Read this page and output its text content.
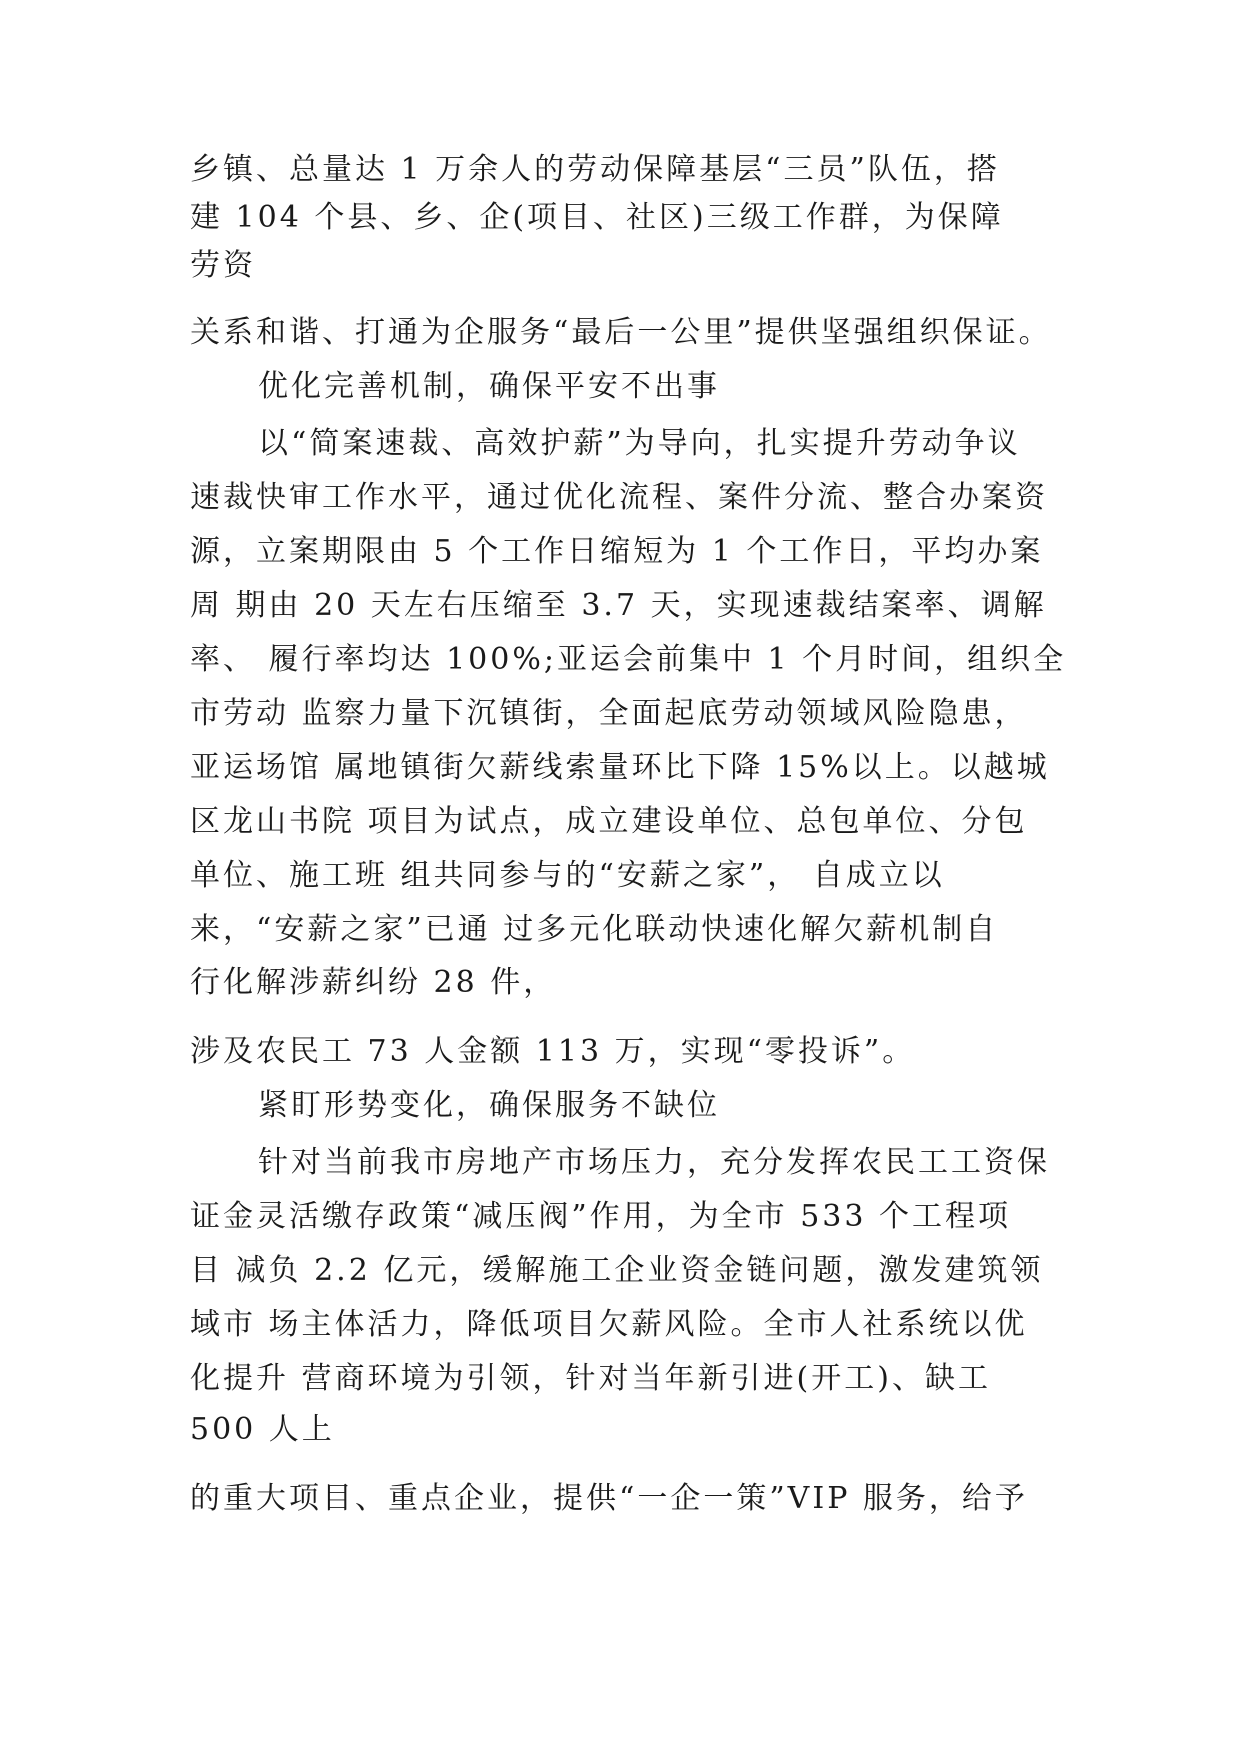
乡镇、总量达 1 万余人的劳动保障基层“三员”队伍，搭
建 104 个县、乡、企(项目、社区)三级工作群，为保障
劳资
关系和谐、打通为企服务“最后一公里”提供坚强组织保证。
优化完善机制，确保平安不出事
以“简案速裁、高效护薪”为导向，扎实提升劳动争议
速裁快审工作水平，通过优化流程、案件分流、整合办案资
源，立案期限由 5 个工作日缩短为 1 个工作日，平均办案
周 期由 20 天左右压缩至 3.7 天，实现速裁结案率、调解
率、 履行率均达 100%;亚运会前集中 1 个月时间，组织全
市劳动 监察力量下沉镇街，全面起底劳动领域风险隐患，
亚运场馆 属地镇街欠薪线索量环比下降 15%以上。以越城
区龙山书院 项目为试点，成立建设单位、总包单位、分包
单位、施工班 组共同参与的“安薪之家”， 自成立以
来，“安薪之家”已通 过多元化联动快速化解欠薪机制自
行化解涉薪纠纷 28 件，
涉及农民工 73 人金额 113 万，实现“零投诉”。
紧盯形势变化，确保服务不缺位
针对当前我市房地产市场压力，充分发挥农民工工资保
证金灵活缴存政策“减压阀”作用，为全市 533 个工程项
目 减负 2.2 亿元，缓解施工企业资金链问题，激发建筑领
域市 场主体活力，降低项目欠薪风险。全市人社系统以优
化提升 营商环境为引领，针对当年新引进(开工)、缺工
500 人上
的重大项目、重点企业，提供“一企一策”VIP 服务，给予
